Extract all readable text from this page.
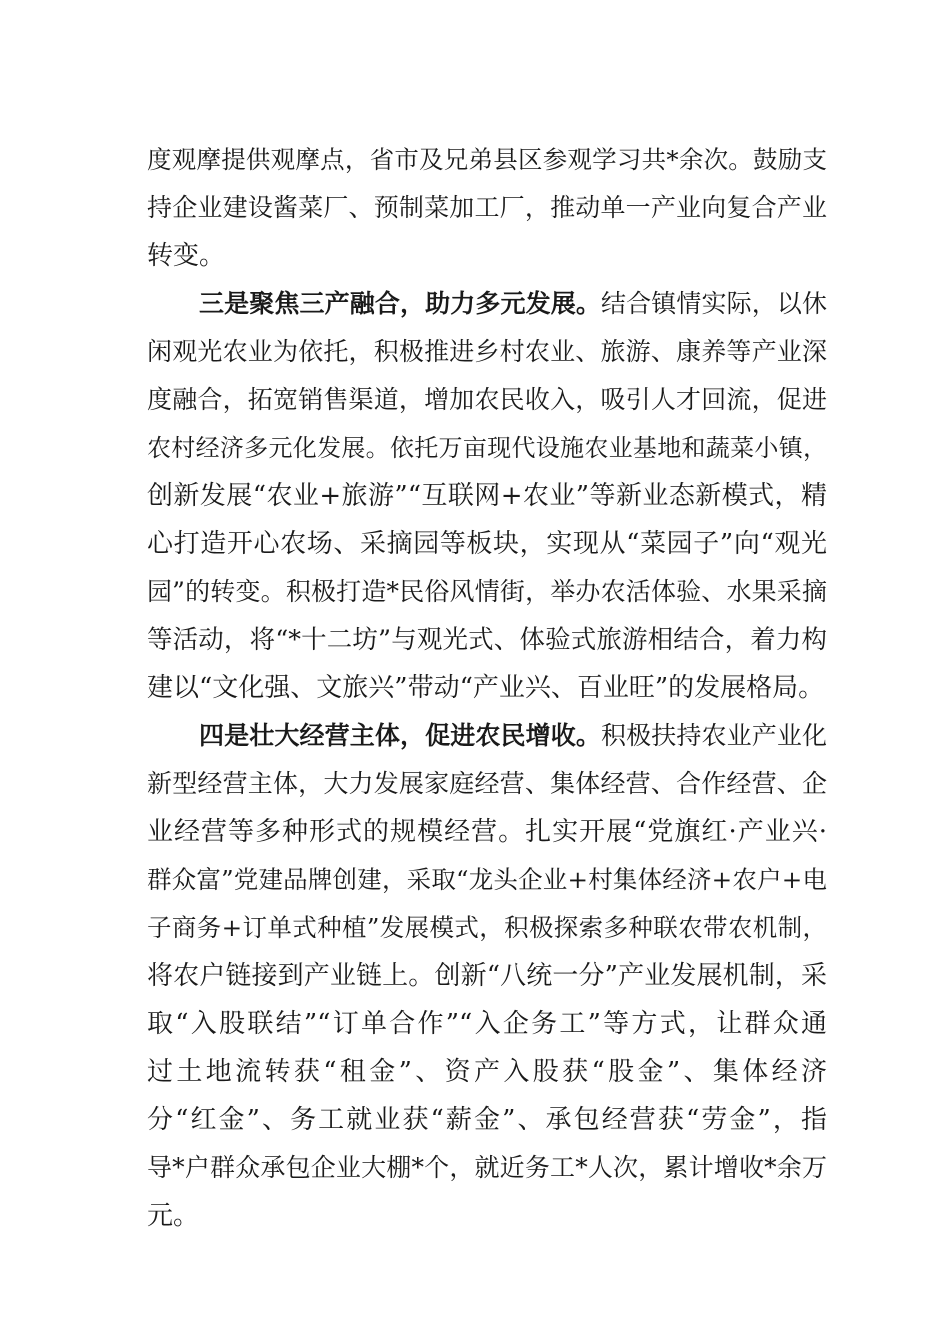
度观摩提供观摩点，省市及兄弟县区参观学习共*余次。鼓励支
持企业建设酱菜厂、预制菜加工厂，推动单一产业向复合产业
转变。
三是聚焦三产融合，助力多元发展。结合镇情实际，以休
闲观光农业为依托，积极推进乡村农业、旅游、康养等产业深
度融合，拓宽销售渠道，增加农民收入，吸引人才回流，促进
农村经济多元化发展。依托万亩现代设施农业基地和蔬菜小镇，
创新发展“农业+旅游”“互联网+农业”等新业态新模式，精
心打造开心农场、采摘园等板块，实现从“菜园子”向“观光
园”的转变。积极打造*民俗风情街，举办农活体验、水果采摘
等活动，将“*十二坊”与观光式、体验式旅游相结合，着力构
建以“文化强、文旅兴”带动“产业兴、百业旺”的发展格局。
四是壮大经营主体，促进农民增收。积极扶持农业产业化
新型经营主体，大力发展家庭经营、集体经营、合作经营、企
业经营等多种形式的规模经营。扎实开展“党旗红·产业兴·
群众富”党建品牌创建，采取“龙头企业+村集体经济+农户+电
子商务+订单式种植”发展模式，积极探索多种联农带农机制，
将农户链接到产业链上。创新“八统一分”产业发展机制，采
取“入股联结”“订单合作”“入企务工”等方式，让群众通
过土地流转获“租金”、资产入股获“股金”、集体经济
分“红金”、务工就业获“薪金”、承包经营获“劳金”，指
导*户群众承包企业大棚*个，就近务工*人次，累计增收*余万
元。
